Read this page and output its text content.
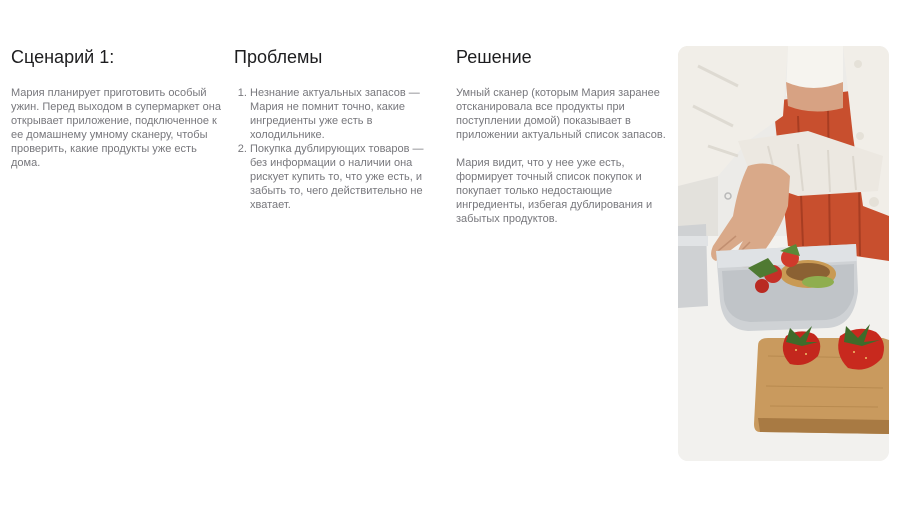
Сценарий 1:

Мария планирует приготовить особый ужин. Перед выходом в супермаркет она открывает приложение, подключенное к ее домашнему умному сканеру, чтобы проверить, какие продукты уже есть дома.

Проблемы
1. Незнание актуальных запасов — Мария не помнит точно, какие ингредиенты уже есть в холодильнике.
2. Покупка дублирующих товаров — без информации о наличии она рискует купить то, что уже есть, и забыть то, чего действительно не хватает.
Решение

Умный сканер (которым Мария заранее отсканировала все продукты при поступлении домой) показывает в приложении актуальный список запасов.

Мария видит, что у нее уже есть, формирует точный список покупок и покупает только недостающие ингредиенты, избегая дублирования и забытых продуктов.
